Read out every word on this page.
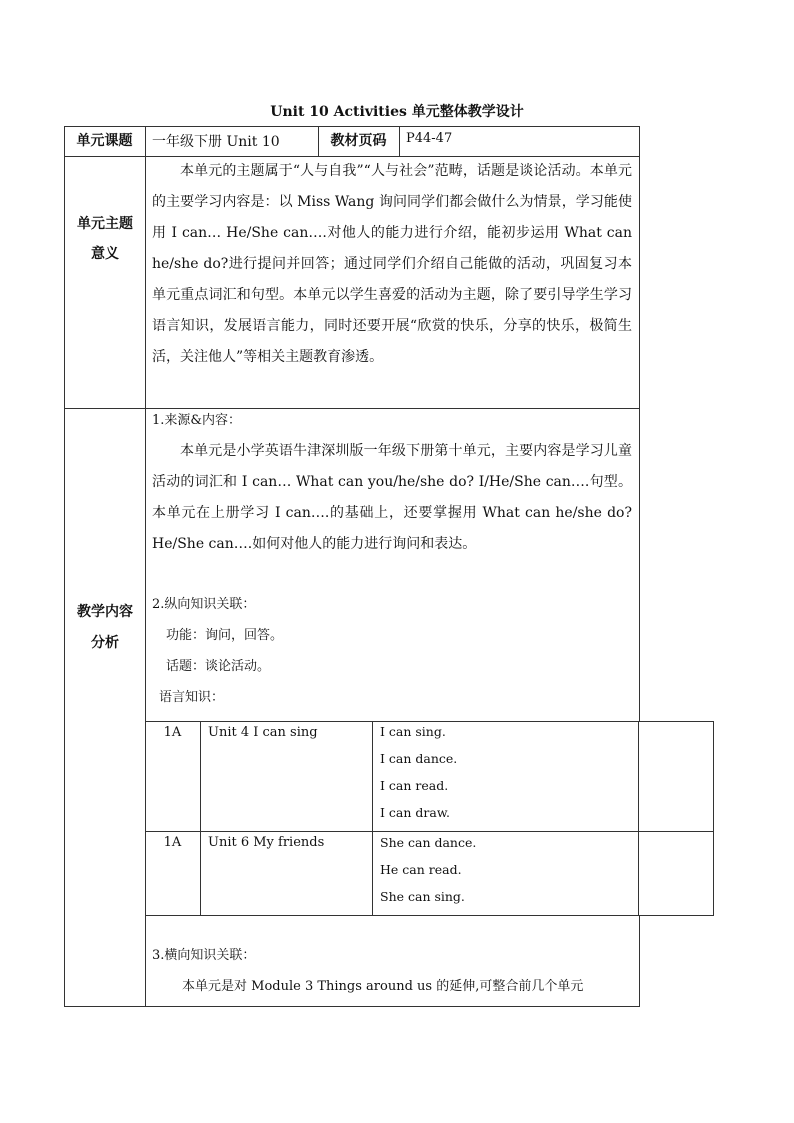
Unit 10 Activities 单元整体教学设计
单元课题	一年级下册 Unit 10	教材页码	P44-47
单元主题意义
本单元的主题属于“人与自我”“人与社会”范畴，话题是谈论活动。本单元的主要学习内容是：以 Miss Wang 询问同学们都会做什么为情景，学习能使用 I can… He/She can….对他人的能力进行介绍，能初步运用 What can he/she do?进行提问并回答；通过同学们介绍自己能做的活动，巩固复习本单元重点词汇和句型。本单元以学生喜爱的活动为主题，除了要引导学生学习语言知识，发展语言能力，同时还要开展“欣赏的快乐，分享的快乐，极简生活，关注他人”等相关主题教育渗透。
教学内容分析
1.来源&内容：
本单元是小学英语牛津深圳版一年级下册第十单元，主要内容是学习儿童活动的词汇和 I can… What can you/he/she do? I/He/She can….句型。本单元在上册学习 I can….的基础上，还要掌握用 What can he/she do? He/She can….如何对他人的能力进行询问和表达。
2.纵向知识关联：
功能：询问，回答。
话题：谈论活动。
语言知识：
1A	Unit 4 I can sing	I can sing.
I can dance.
I can read.
I can draw.
1A	Unit 6 My friends	She can dance.
He can read.
She can sing.
3.横向知识关联：
本单元是对 Module 3 Things around us 的延伸,可整合前几个单元
